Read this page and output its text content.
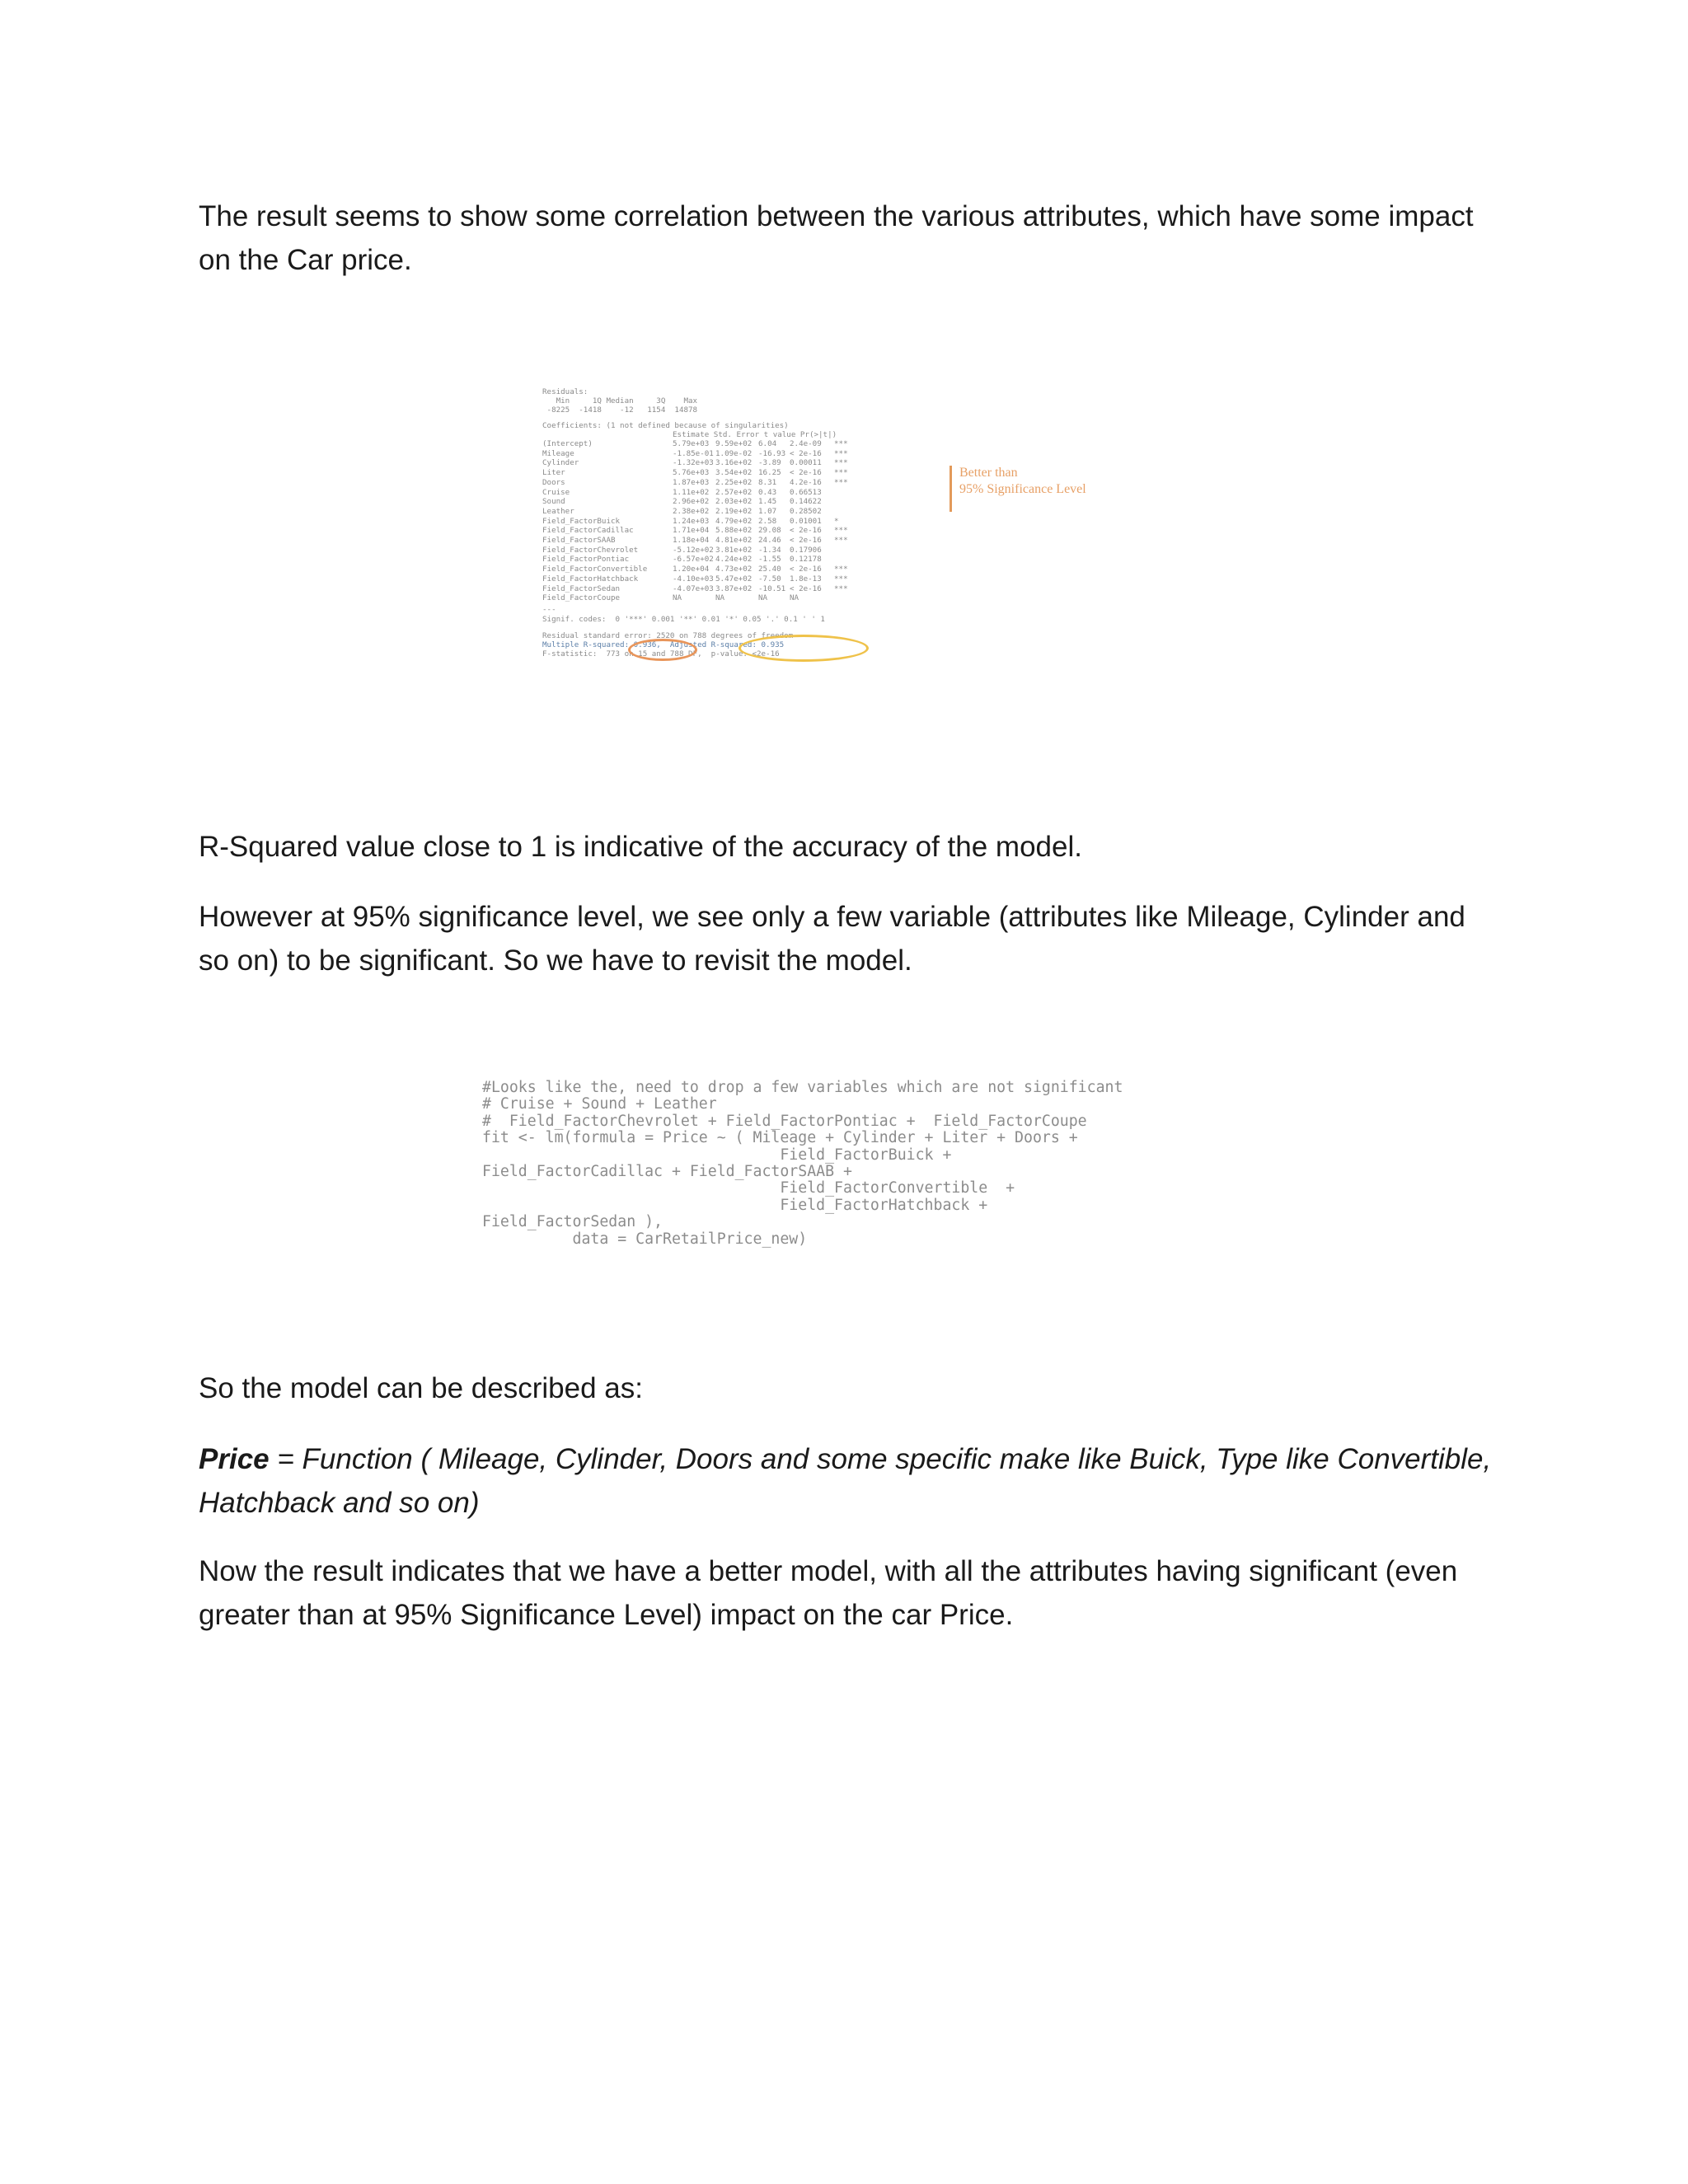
The result seems to show some correlation between the various attributes, which have some impact on the Car price.

Residuals:
Min     1Q Median     3Q    Max
-8225  -1418    -12   1154  14878
Coefficients: (1 not defined because of singularities)
Estimate Std. Error t value Pr(>|t|)
(Intercept)	5.79e+03 9.59e+02 6.04 2.4e-09 ***
Mileage	-1.85e-01 1.09e-02 -16.93 < 2e-16 ***
Cylinder	-1.32e+03 3.16e+02 -3.89 0.00011 ***
Liter	5.76e+03 3.54e+02 16.25 < 2e-16 ***
Doors	1.87e+03 2.25e+02 8.31 4.2e-16 ***
Cruise	1.11e+02 2.57e+02 0.43 0.66513
Sound	2.96e+02 2.03e+02 1.45 0.14622
Leather	2.38e+02 2.19e+02 1.07 0.28502
Field_FactorBuick	1.24e+03 4.79e+02 2.58 0.01001 *
Field_FactorCadillac	1.71e+04 5.88e+02 29.08 < 2e-16 ***
Field_FactorSAAB	1.18e+04 4.81e+02 24.46 < 2e-16 ***
Field_FactorChevrolet	-5.12e+02 3.81e+02 -1.34 0.17906
Field_FactorPontiac	-6.57e+02 4.24e+02 -1.55 0.12178
Field_FactorConvertible	1.20e+04 4.73e+02 25.40 < 2e-16 ***
Field_FactorHatchback	-4.10e+03 5.47e+02 -7.50 1.8e-13 ***
Field_FactorSedan	-4.07e+03 3.87e+02 -10.51 < 2e-16 ***
Field_FactorCoupe	NA	NA	NA	NA
---
Signif. codes:  0 '***' 0.001 '**' 0.01 '*' 0.05 '.' 0.1 ' ' 1
Residual standard error: 2520 on 788 degrees of freedom
Multiple R-squared: 0.936,  Adjusted R-squared: 0.935
F-statistic:  773 on 15 and 788 DF,  p-value: <2e-16
Better than
95% Significance Level

R-Squared value close to 1 is indicative of the accuracy of the model.

However at 95% significance level, we see only a few variable (attributes like Mileage, Cylinder and so on) to be significant. So we have to revisit the model.

#Looks like the, need to drop a few variables which are not significant
# Cruise + Sound + Leather
#  Field_FactorChevrolet + Field_FactorPontiac +  Field_FactorCoupe
fit <- lm(formula = Price ~ ( Mileage + Cylinder + Liter + Doors +
Field_FactorBuick +
Field_FactorCadillac + Field_FactorSAAB +
Field_FactorConvertible  +
Field_FactorHatchback +
Field_FactorSedan ),
data = CarRetailPrice_new)

So the model can be described as:

Price = Function ( Mileage, Cylinder, Doors and some specific make like Buick, Type like Convertible, Hatchback and so on)

Now the result indicates that we have a better model, with all the attributes having significant (even greater than at 95% Significance Level) impact on the car Price.
